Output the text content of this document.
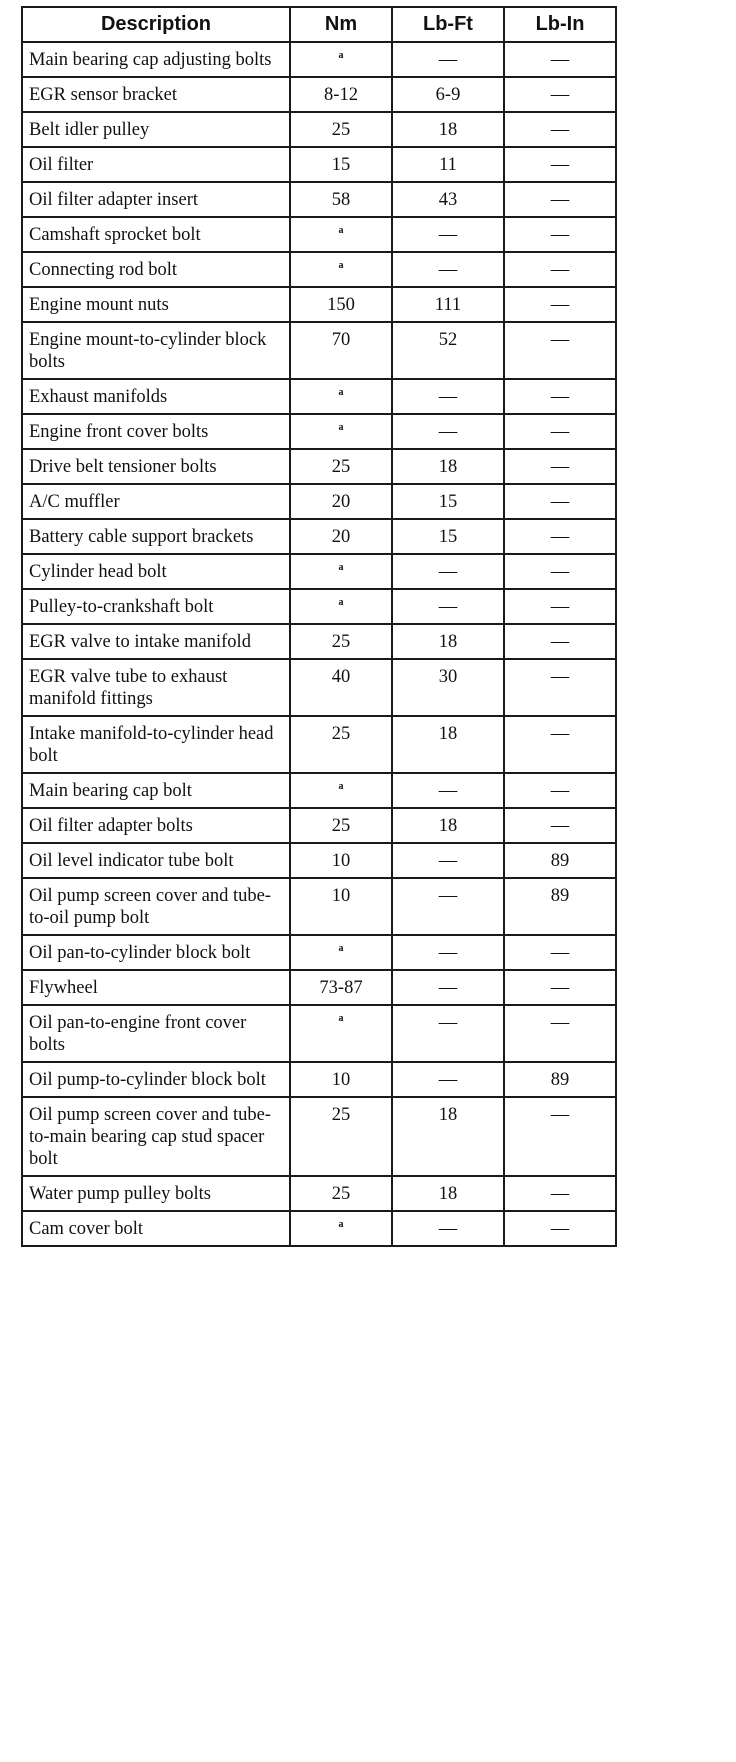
Description	Nm	Lb-Ft	Lb-In
Main bearing cap adjusting bolts	a	—	—
EGR sensor bracket	8-12	6-9	—
Belt idler pulley	25	18	—
Oil filter	15	11	—
Oil filter adapter insert	58	43	—
Camshaft sprocket bolt	a	—	—
Connecting rod bolt	a	—	—
Engine mount nuts	150	111	—
Engine mount-to-cylinder block bolts	70	52	—
Exhaust manifolds	a	—	—
Engine front cover bolts	a	—	—
Drive belt tensioner bolts	25	18	—
A/C muffler	20	15	—
Battery cable support brackets	20	15	—
Cylinder head bolt	a	—	—
Pulley-to-crankshaft bolt	a	—	—
EGR valve to intake manifold	25	18	—
EGR valve tube to exhaust manifold fittings	40	30	—
Intake manifold-to-cylinder head bolt	25	18	—
Main bearing cap bolt	a	—	—
Oil filter adapter bolts	25	18	—
Oil level indicator tube bolt	10	—	89
Oil pump screen cover and tube-to-oil pump bolt	10	—	89
Oil pan-to-cylinder block bolt	a	—	—
Flywheel	73-87	—	—
Oil pan-to-engine front cover bolts	a	—	—
Oil pump-to-cylinder block bolt	10	—	89
Oil pump screen cover and tube-to-main bearing cap stud spacer bolt	25	18	—
Water pump pulley bolts	25	18	—
Cam cover bolt	a	—	—
